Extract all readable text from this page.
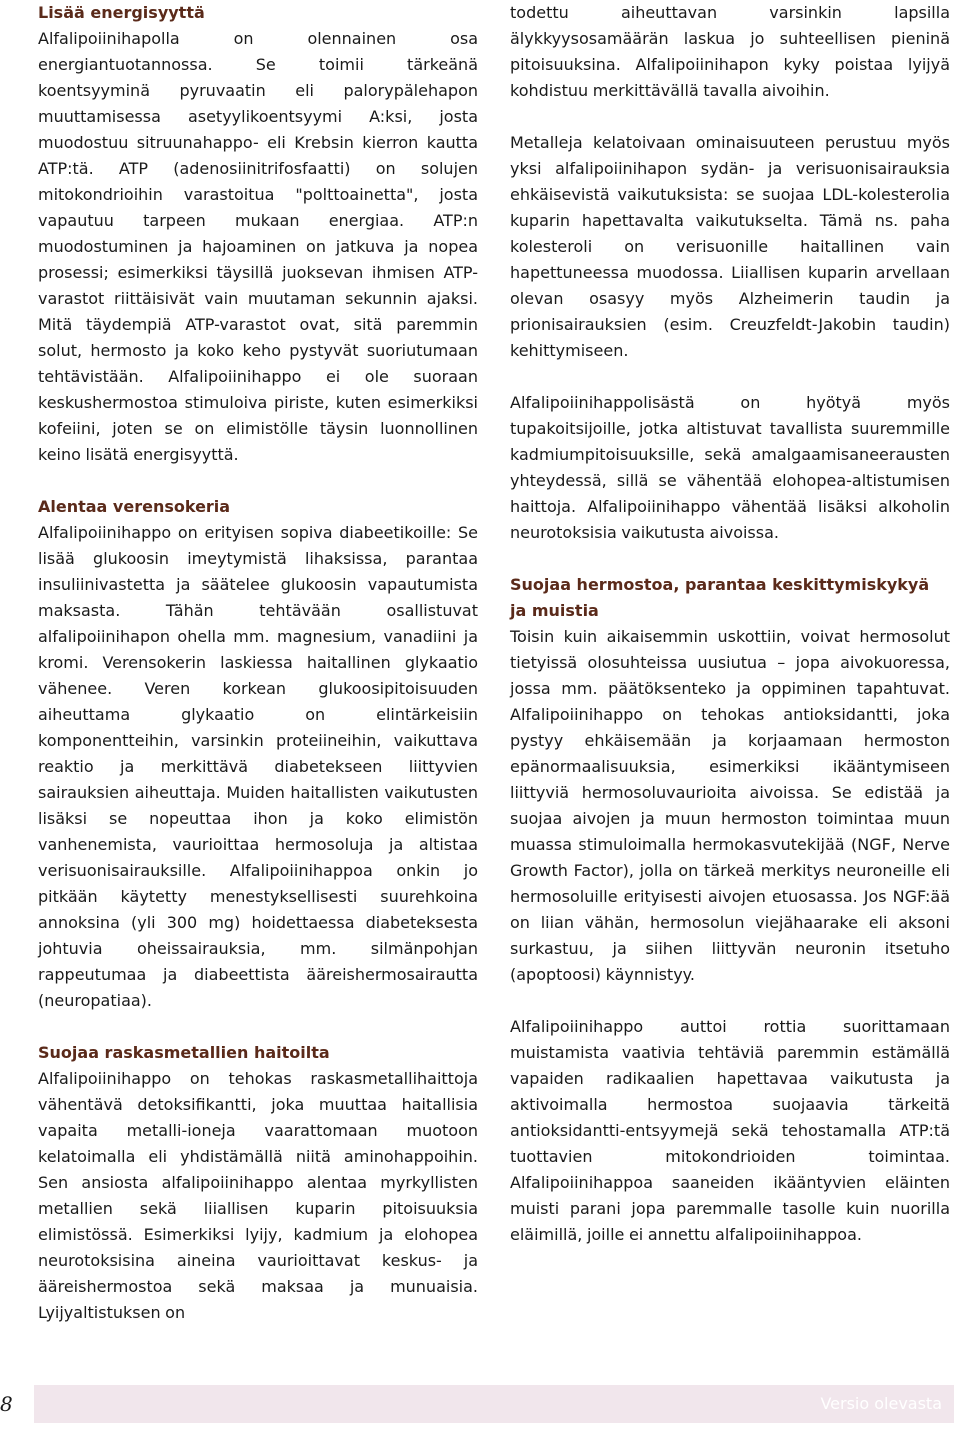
Lisää energisyyttä

Alfalipoiinihapolla on olennainen osa energiantuotannossa. Se toimii tärkeänä koentsyyminä pyruvaatin eli palorypälehapon muuttamisessa asetyylikoentsyymi A:ksi, josta muodostuu sitruunahappo- eli Krebsin kierron kautta ATP:tä. ATP (adenosiinitrifosfaatti) on solujen mitokondrioihin varastoitua "polttoainetta", josta vapautuu tarpeen mukaan energiaa. ATP:n muodostuminen ja hajoaminen on jatkuva ja nopea prosessi; esimerkiksi täysillä juoksevan ihmisen ATP-varastot riittäisivät vain muutaman sekunnin ajaksi. Mitä täydempiä ATP-varastot ovat, sitä paremmin solut, hermosto ja koko keho pystyvät suoriutumaan tehtävistään. Alfalipoiinihappo ei ole suoraan keskushermostoa stimuloiva piriste, kuten esimerkiksi kofeiini, joten se on elimistölle täysin luonnollinen keino lisätä energisyyttä.

Alentaa verensokeria

Alfalipoiinihappo on erityisen sopiva diabeetikoille: Se lisää glukoosin imeytymistä lihaksissa, parantaa insuliinivastetta ja säätelee glukoosin vapautumista maksasta. Tähän tehtävään osallistuvat alfalipoiinihapon ohella mm. magnesium, vanadiini ja kromi. Verensokerin laskiessa haitallinen glykaatio vähenee. Veren korkean glukoosipitoisuuden aiheuttama glykaatio on elintärkeisiin komponentteihin, varsinkin proteiineihin, vaikuttava reaktio ja merkittävä diabetekseen liittyvien sairauksien aiheuttaja. Muiden haitallisten vaikutusten lisäksi se nopeuttaa ihon ja koko elimistön vanhenemista, vaurioittaa hermosoluja ja altistaa verisuonisairauksille. Alfalipoiinihappoa onkin jo pitkään käytetty menestyksellisesti suurehkoina annoksina (yli 300 mg) hoidettaessa diabeteksesta johtuvia oheissairauksia, mm. silmänpohjan rappeutumaa ja diabeettista ääreishermosairautta (neuropatiaa).

Suojaa raskasmetallien haitoilta

Alfalipoiinihappo on tehokas raskasmetallihaittoja vähentävä detoksifikantti, joka muuttaa haitallisia vapaita metalli-ioneja vaarattomaan muotoon kelatoimalla eli yhdistämällä niitä aminohappoihin. Sen ansiosta alfalipoiinihappo alentaa myrkyllisten metallien sekä liiallisen kuparin pitoisuuksia elimistössä. Esimerkiksi lyijy, kadmium ja elohopea neurotoksisina aineina vaurioittavat keskus- ja ääreishermostoa sekä maksaa ja munuaisia. Lyijyaltistuksen on

todettu aiheuttavan varsinkin lapsilla älykkyysosamäärän laskua jo suhteellisen pieninä pitoisuuksina. Alfalipoiinihapon kyky poistaa lyijyä kohdistuu merkittävällä tavalla aivoihin.

Metalleja kelatoivaan ominaisuuteen perustuu myös yksi alfalipoiinihapon sydän- ja verisuonisairauksia ehkäisevistä vaikutuksista: se suojaa LDL-kolesterolia kuparin hapettavalta vaikutukselta. Tämä ns. paha kolesteroli on verisuonille haitallinen vain hapettuneessa muodossa. Liiallisen kuparin arvellaan olevan osasyy myös Alzheimerin taudin ja prionisairauksien (esim. Creuzfeldt-Jakobin taudin) kehittymiseen.

Alfalipoiinihappolisästä on hyötyä myös tupakoitsijoille, jotka altistuvat tavallista suuremmille kadmiumpitoisuuksille, sekä amalgaamisaneerausten yhteydessä, sillä se vähentää elohopea-altistumisen haittoja. Alfalipoiinihappo vähentää lisäksi alkoholin neurotoksisia vaikutusta aivoissa.

Suojaa hermostoa, parantaa keskittymiskykyä ja muistia

Toisin kuin aikaisemmin uskottiin, voivat hermosolut tietyissä olosuhteissa uusiutua – jopa aivokuoressa, jossa mm. päätöksenteko ja oppiminen tapahtuvat. Alfalipoiinihappo on tehokas antioksidantti, joka pystyy ehkäisemään ja korjaamaan hermoston epänormaalisuuksia, esimerkiksi ikääntymiseen liittyviä hermosoluvaurioita aivoissa. Se edistää ja suojaa aivojen ja muun hermoston toimintaa muun muassa stimuloimalla hermokasvutekijää (NGF, Nerve Growth Factor), jolla on tärkeä merkitys neuroneille eli hermosoluille erityisesti aivojen etuosassa. Jos NGF:ää on liian vähän, hermosolun viejähaarake eli aksoni surkastuu, ja siihen liittyvän neuronin itsetuho (apoptoosi) käynnistyy.

Alfalipoiinihappo auttoi rottia suorittamaan muistamista vaativia tehtäviä paremmin estämällä vapaiden radikaalien hapettavaa vaikutusta ja aktivoimalla hermostoa suojaavia tärkeitä antioksidantti-entsyymejä sekä tehostamalla ATP:tä tuottavien mitokondrioiden toimintaa. Alfalipoiinihappoa saaneiden ikääntyvien eläinten muisti parani jopa paremmalle tasolle kuin nuorilla eläimillä, joille ei annettu alfalipoiinihappoa.

8	Versio olevasta
